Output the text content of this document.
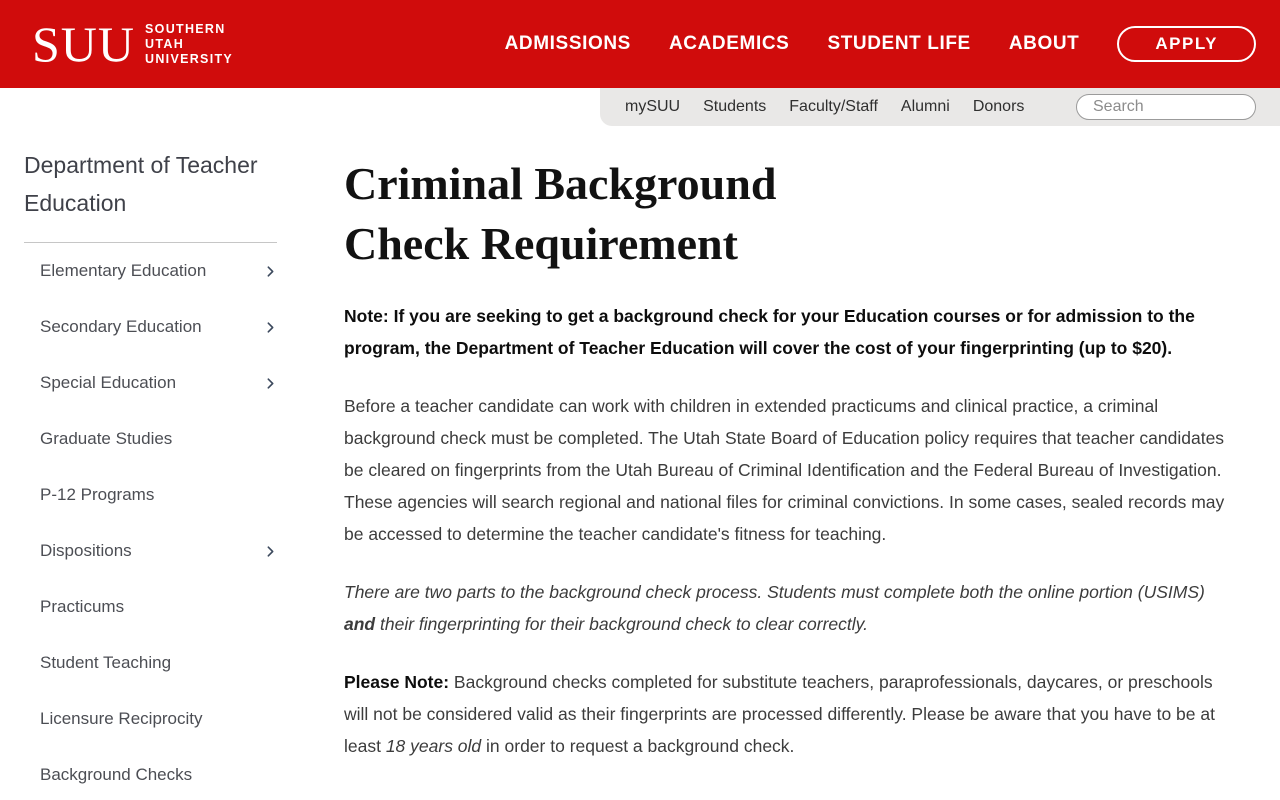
SUU SOUTHERN
UTAH
UNIVERSITY
ADMISSIONS ACADEMICS STUDENT LIFE ABOUT	APPLY
mySUU Students Faculty/Staff Alumni Donors
Search
Department of Teacher Education
Elementary Education
Secondary Education
Special Education
Graduate Studies
P-12 Programs
Dispositions
Practicums
Student Teaching
Licensure Reciprocity
Background Checks
Criminal Background Check Requirement

Note: If you are seeking to get a background check for your Education courses or for admission to the program, the Department of Teacher Education will cover the cost of your fingerprinting (up to $20).

Before a teacher candidate can work with children in extended practicums and clinical practice, a criminal background check must be completed. The Utah State Board of Education policy requires that teacher candidates be cleared on fingerprints from the Utah Bureau of Criminal Identification and the Federal Bureau of Investigation. These agencies will search regional and national files for criminal convictions. In some cases, sealed records may be accessed to determine the teacher candidate's fitness for teaching.

There are two parts to the background check process. Students must complete both the online portion (USIMS) and their fingerprinting for their background check to clear correctly.

Please Note: Background checks completed for substitute teachers, paraprofessionals, daycares, or preschools will not be considered valid as their fingerprints are processed differently. Please be aware that you have to be at least 18 years old in order to request a background check.
